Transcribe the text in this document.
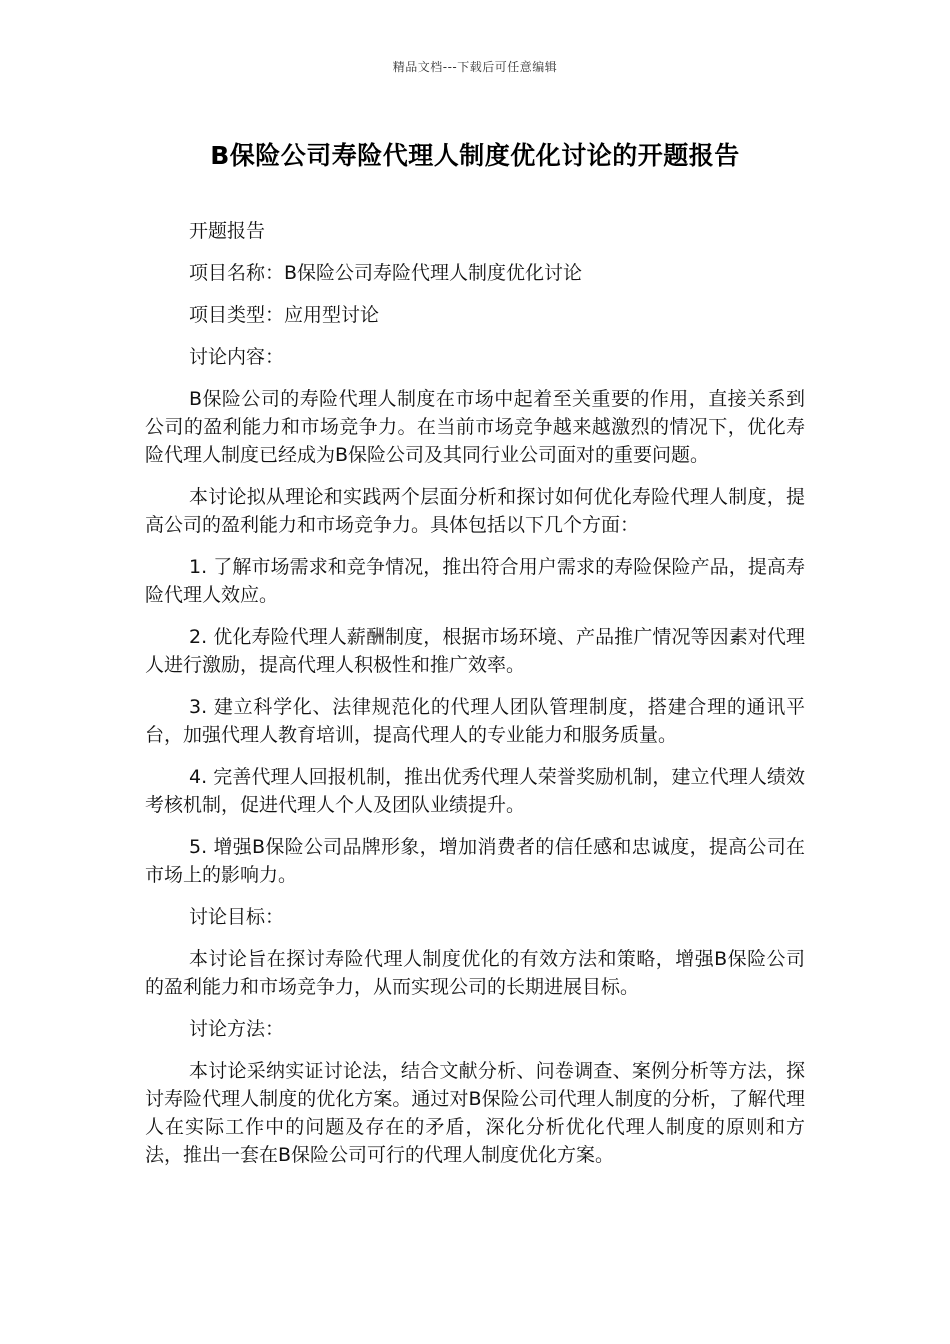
精品文档---下载后可任意编辑
B保险公司寿险代理人制度优化讨论的开题报告

开题报告

项目名称：B保险公司寿险代理人制度优化讨论

项目类型：应用型讨论

讨论内容：

B保险公司的寿险代理人制度在市场中起着至关重要的作用，直接关系到公司的盈利能力和市场竞争力。在当前市场竞争越来越激烈的情况下，优化寿险代理人制度已经成为B保险公司及其同行业公司面对的重要问题。

本讨论拟从理论和实践两个层面分析和探讨如何优化寿险代理人制度，提高公司的盈利能力和市场竞争力。具体包括以下几个方面：

1. 了解市场需求和竞争情况，推出符合用户需求的寿险保险产品，提高寿险代理人效应。

2. 优化寿险代理人薪酬制度，根据市场环境、产品推广情况等因素对代理人进行激励，提高代理人积极性和推广效率。

3. 建立科学化、法律规范化的代理人团队管理制度，搭建合理的通讯平台，加强代理人教育培训，提高代理人的专业能力和服务质量。

4. 完善代理人回报机制，推出优秀代理人荣誉奖励机制，建立代理人绩效考核机制，促进代理人个人及团队业绩提升。

5. 增强B保险公司品牌形象，增加消费者的信任感和忠诚度，提高公司在市场上的影响力。

讨论目标：

本讨论旨在探讨寿险代理人制度优化的有效方法和策略，增强B保险公司的盈利能力和市场竞争力，从而实现公司的长期进展目标。

讨论方法：

本讨论采纳实证讨论法，结合文献分析、问卷调查、案例分析等方法，探讨寿险代理人制度的优化方案。通过对B保险公司代理人制度的分析，了解代理人在实际工作中的问题及存在的矛盾，深化分析优化代理人制度的原则和方法，推出一套在B保险公司可行的代理人制度优化方案。
